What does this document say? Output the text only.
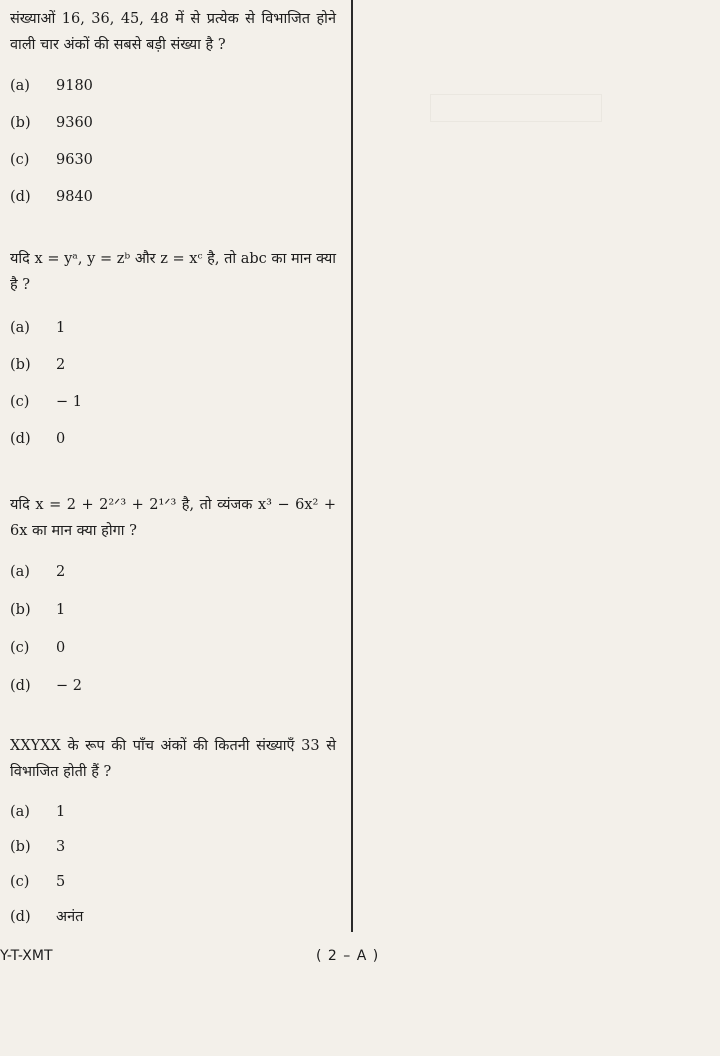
संख्याओं 16, 36, 45, 48 में से प्रत्येक से विभाजित होने वाली चार अंकों की सबसे बड़ी संख्या है ?

(a)	9180
(b)	9360
(c)	9630
(d)	9840

यदि x = yᵃ, y = zᵇ और z = xᶜ है, तो abc का मान क्या है ?

(a)	1
(b)	2
(c)	− 1
(d)	0

यदि x = 2 + 2²ᐟ³ + 2¹ᐟ³ है, तो व्यंजक x³ − 6x² + 6x का मान क्या होगा ?

(a)	2
(b)	1
(c)	0
(d)	− 2

XXYXX के रूप की पाँच अंकों की कितनी संख्याएँ 33 से विभाजित होती हैं ?

(a)	1
(b)	3
(c)	5
(d)	अनंत
Y-T-XMT	( 2 – A )
